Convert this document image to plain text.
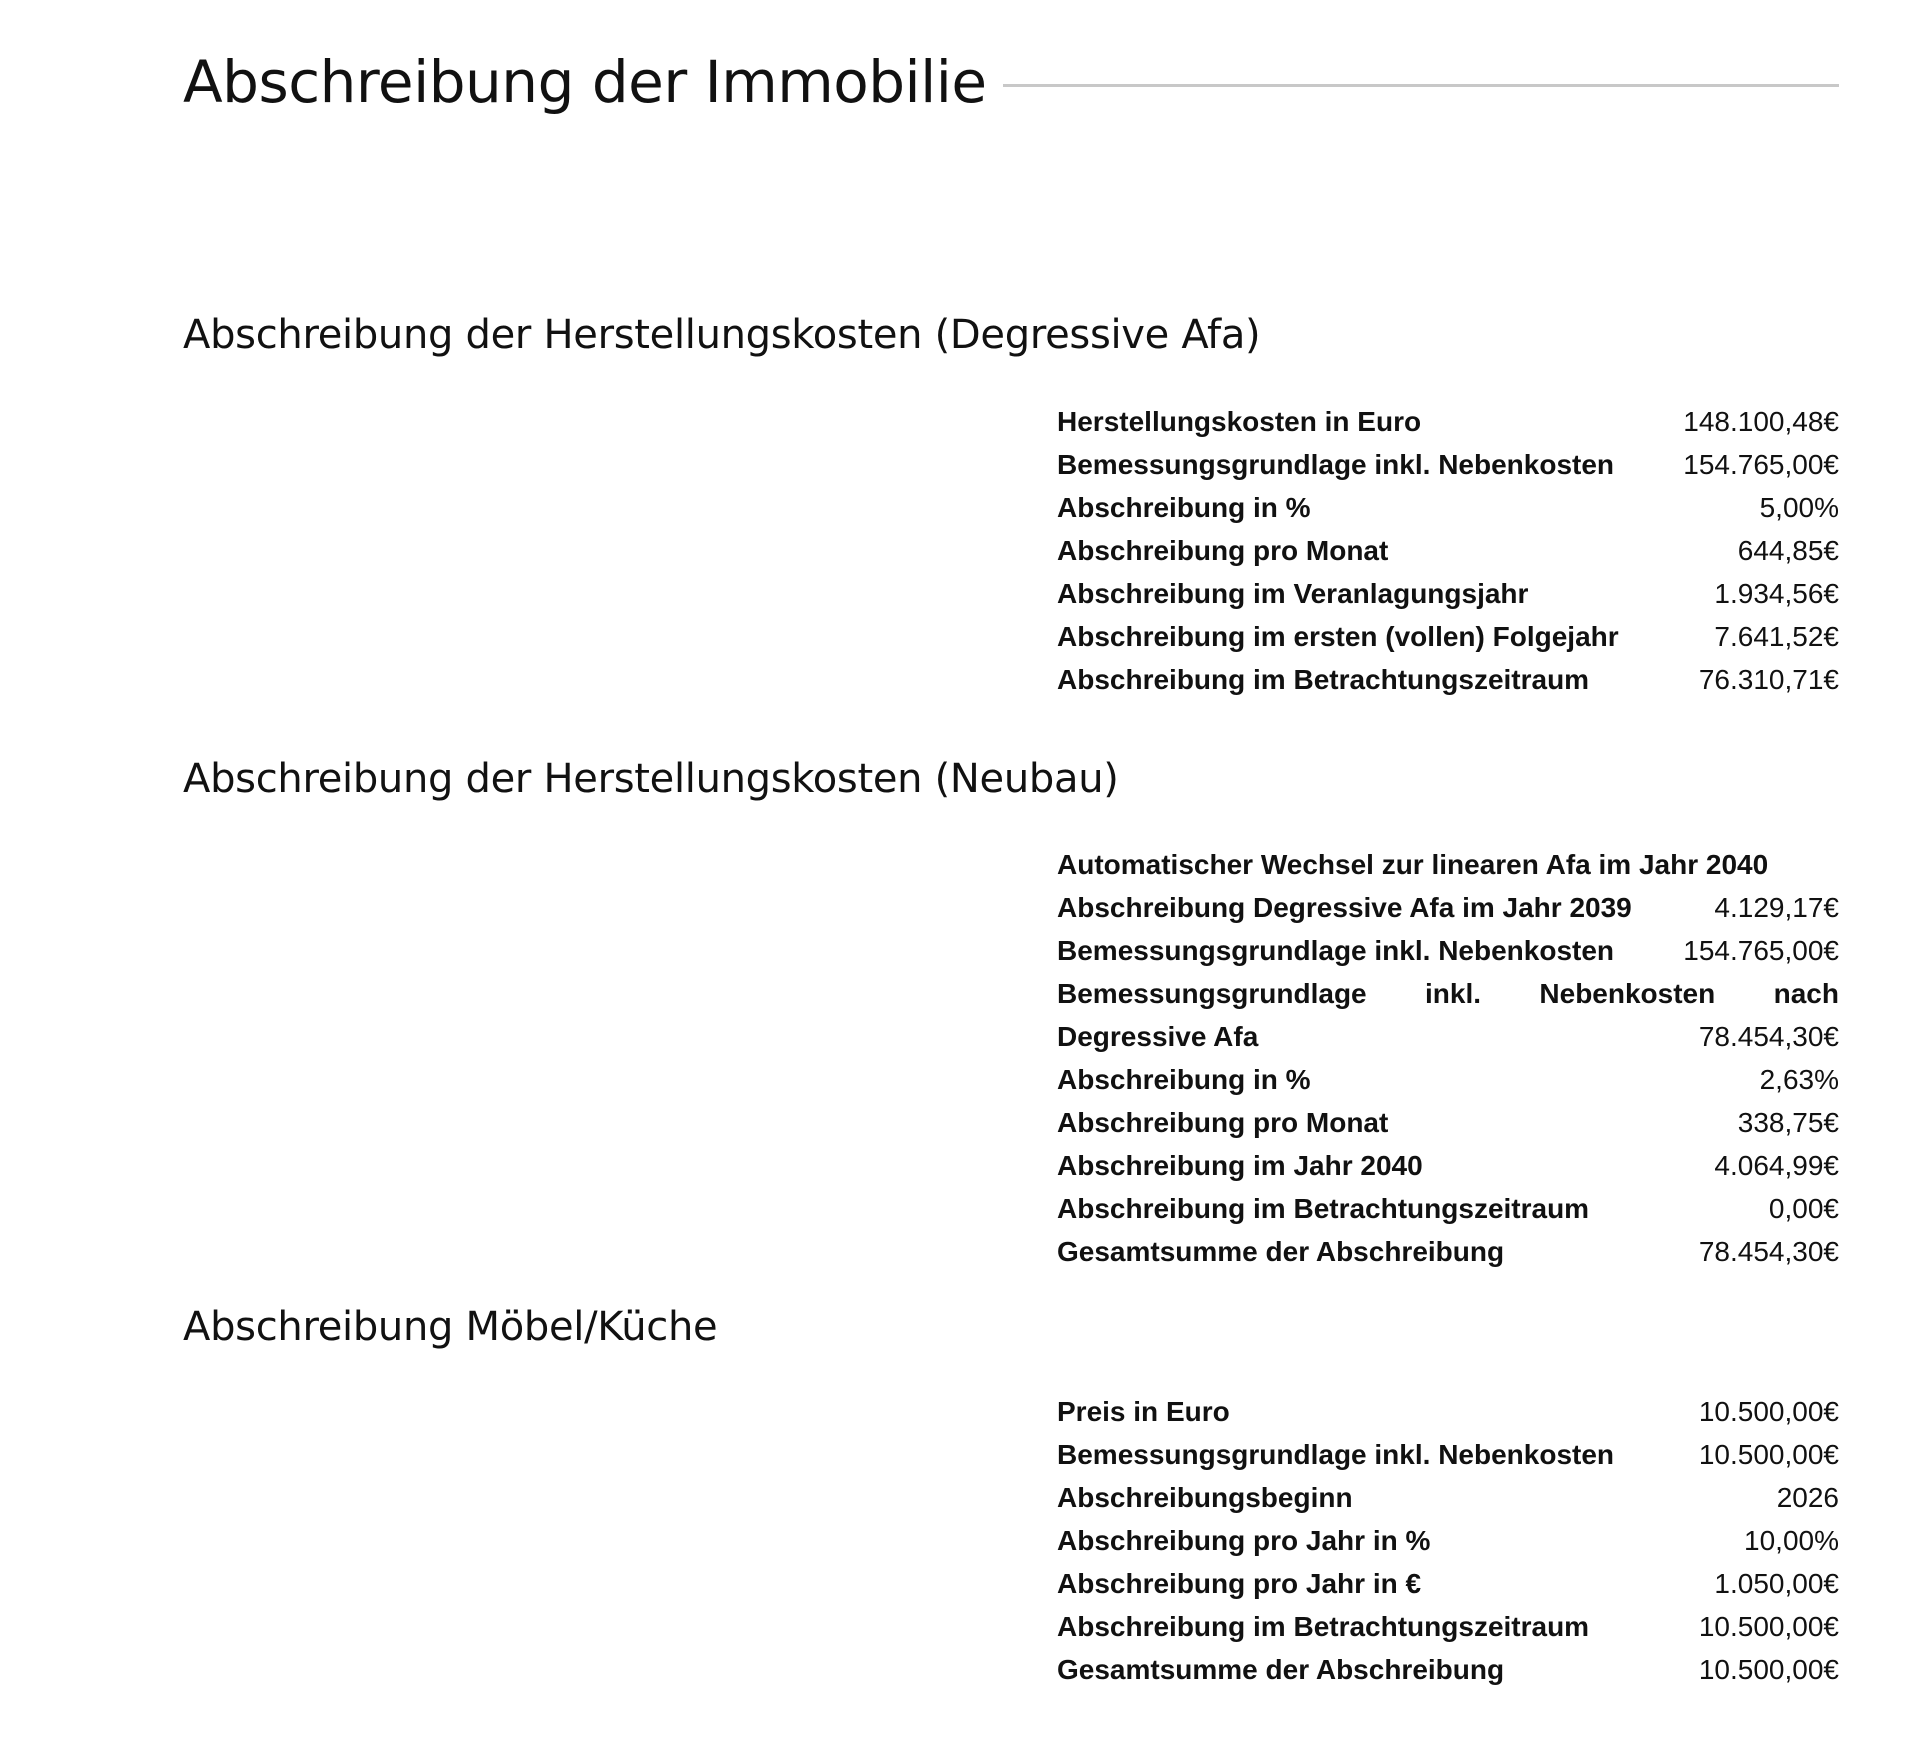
Abschreibung der Immobilie
Abschreibung der Herstellungskosten (Degressive Afa)
Herstellungskosten in Euro	148.100,48€
Bemessungsgrundlage inkl. Nebenkosten 154.765,00€
Abschreibung in %	5,00%
Abschreibung pro Monat	644,85€
Abschreibung im Veranlagungsjahr	1.934,56€
Abschreibung im ersten (vollen) Folgejahr	7.641,52€
Abschreibung im Betrachtungszeitraum	76.310,71€
Abschreibung der Herstellungskosten (Neubau)
Automatischer Wechsel zur linearen Afa im Jahr 2040
Abschreibung Degressive Afa im Jahr 2039	4.129,17€
Bemessungsgrundlage inkl. Nebenkosten 154.765,00€
Bemessungsgrundlage inkl. Nebenkosten nach
Degressive Afa	78.454,30€
Abschreibung in %	2,63%
Abschreibung pro Monat	338,75€
Abschreibung im Jahr 2040	4.064,99€
Abschreibung im Betrachtungszeitraum	0,00€
Gesamtsumme der Abschreibung	78.454,30€
Abschreibung Möbel/Küche
Preis in Euro	10.500,00€
Bemessungsgrundlage inkl. Nebenkosten	10.500,00€
Abschreibungsbeginn	2026
Abschreibung pro Jahr in %	10,00%
Abschreibung pro Jahr in €	1.050,00€
Abschreibung im Betrachtungszeitraum	10.500,00€
Gesamtsumme der Abschreibung	10.500,00€
